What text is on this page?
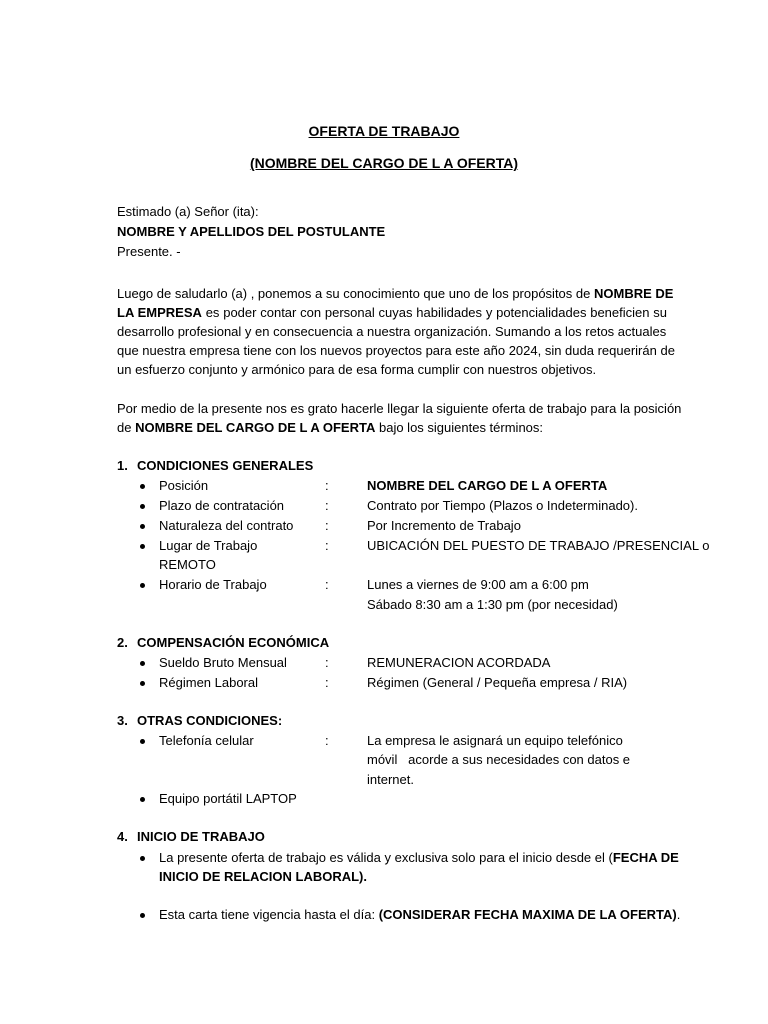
OFERTA DE TRABAJO
(NOMBRE DEL CARGO DE L A OFERTA)
Estimado (a) Señor (ita):
NOMBRE Y APELLIDOS DEL POSTULANTE
Presente. -
Luego de saludarlo (a) , ponemos a su conocimiento que uno de los propósitos de NOMBRE DE
LA EMPRESA es poder contar con personal cuyas habilidades y potencialidades beneficien su
desarrollo profesional y en consecuencia a nuestra organización. Sumando a los retos actuales
que nuestra empresa tiene con los nuevos proyectos para este año 2024, sin duda requerirán de
un esfuerzo conjunto y armónico para de esa forma cumplir con nuestros objetivos.
Por medio de la presente nos es grato hacerle llegar la siguiente oferta de trabajo para la posición
de NOMBRE DEL CARGO DE L A OFERTA bajo los siguientes términos:
1. CONDICIONES GENERALES
Posición	:	NOMBRE DEL CARGO DE L A OFERTA
Plazo de contratación	:	Contrato por Tiempo (Plazos o Indeterminado).
Naturaleza del contrato :	Por Incremento de Trabajo
Lugar de Trabajo	:	UBICACIÓN DEL PUESTO DE TRABAJO /PRESENCIAL o
REMOTO
Horario de Trabajo	:	Lunes a viernes de 9:00 am a 6:00 pm
Sábado 8:30 am a 1:30 pm (por necesidad)
2. COMPENSACIÓN ECONÓMICA
Sueldo Bruto Mensual	:	REMUNERACION ACORDADA
Régimen Laboral	:	Régimen (General / Pequeña empresa / RIA)
3. OTRAS CONDICIONES:
Telefonía celular	:	La empresa le asignará un equipo telefónico
móvil   acorde a sus necesidades con datos e
internet.
Equipo portátil LAPTOP
4. INICIO DE TRABAJO
La presente oferta de trabajo es válida y exclusiva solo para el inicio desde el (FECHA DE
INICIO DE RELACION LABORAL).
Esta carta tiene vigencia hasta el día: (CONSIDERAR FECHA MAXIMA DE LA OFERTA).
